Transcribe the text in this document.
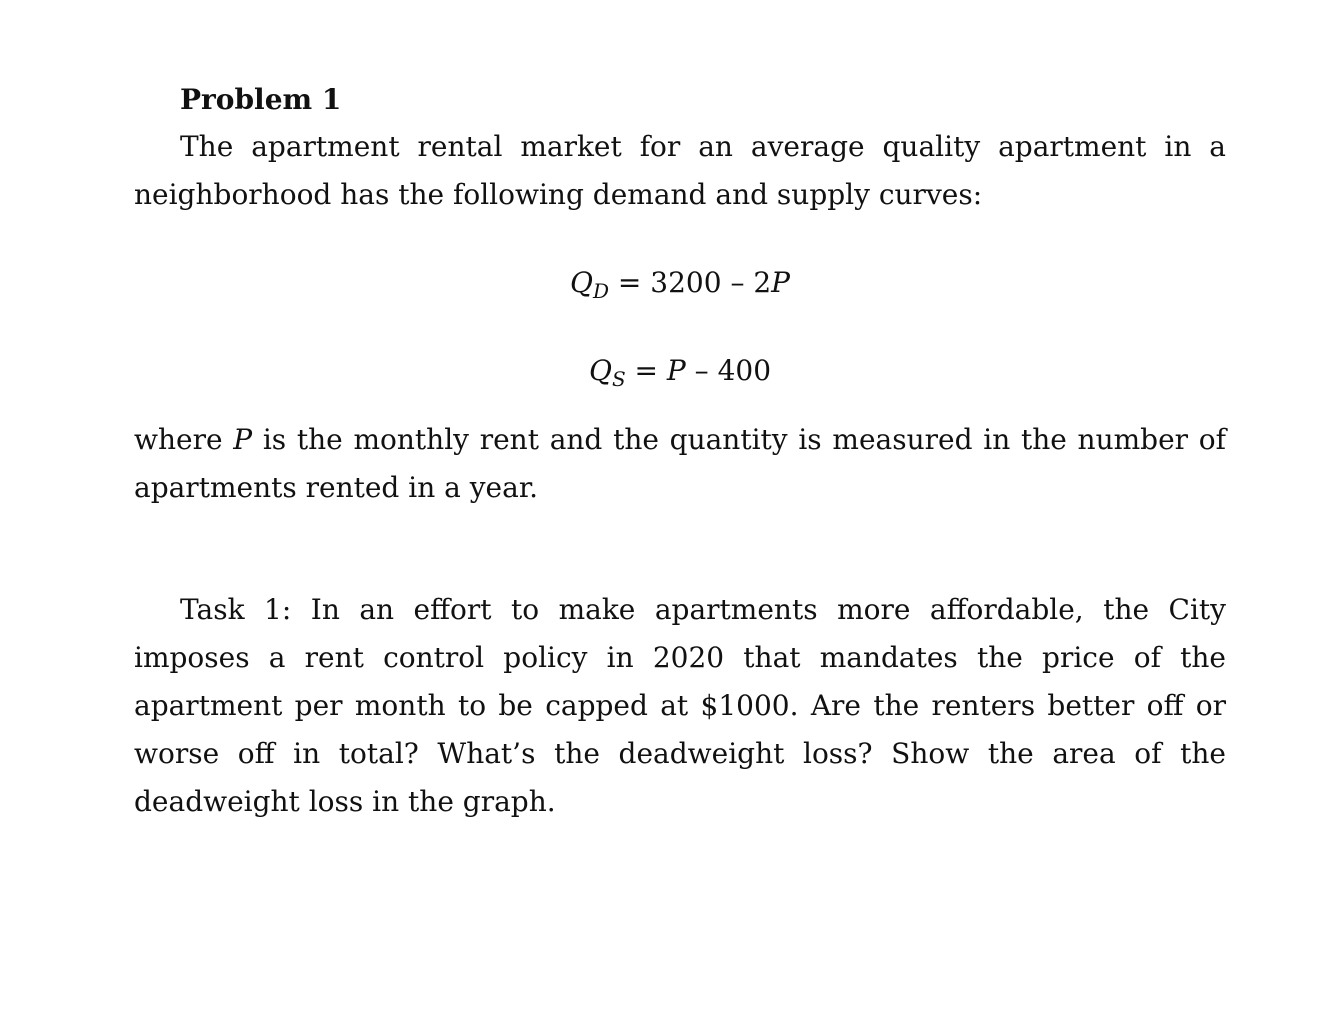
Problem 1
The apartment rental market for an average quality apartment in a neighborhood has the following demand and supply curves:
$Q_D = 3200 - 2P$
$Q_S = P - 400$
where P is the monthly rent and the quantity is measured in the number of apartments rented in a year.
Task 1: In an effort to make apartments more affordable, the City imposes a rent control policy in 2020 that mandates the price of the apartment per month to be capped at $1000. Are the renters better off or worse off in total? What’s the deadweight loss? Show the area of the deadweight loss in the graph.
